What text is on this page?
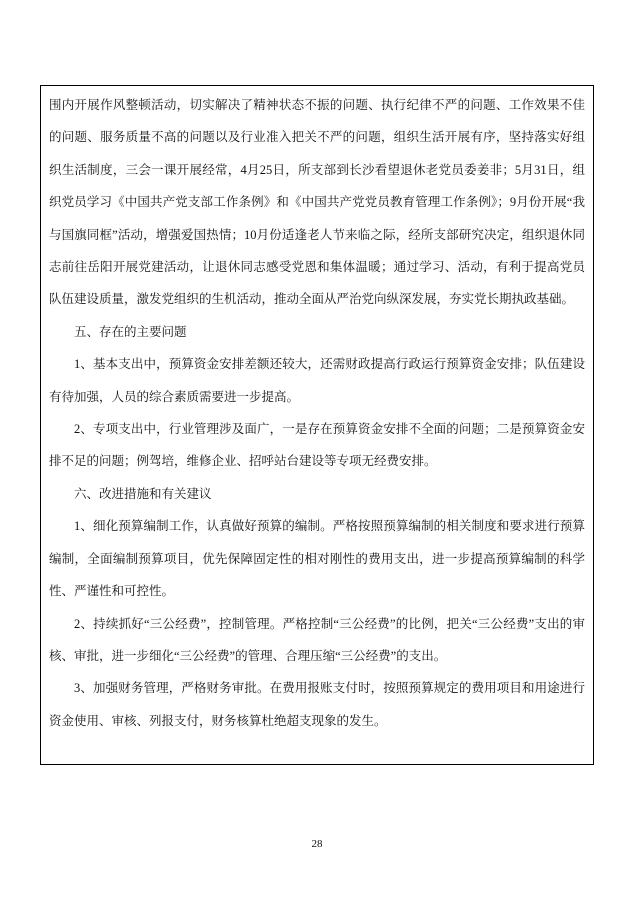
围内开展作风整顿活动，切实解决了精神状态不振的问题、执行纪律不严的问题、工作效果不佳的问题、服务质量不高的问题以及行业准入把关不严的问题，组织生活开展有序，坚持落实好组织生活制度，三会一课开展经常，4月25日，所支部到长沙看望退休老党员委姜非；5月31日，组织党员学习《中国共产党支部工作条例》和《中国共产党党员教育管理工作条例》；9月份开展“我与国旗同框”活动，增强爱国热情；10月份适逢老人节来临之际，经所支部研究决定，组织退休同志前往岳阳开展党建活动，让退休同志感受党恩和集体温暖；通过学习、活动，有利于提高党员队伍建设质量，激发党组织的生机活动，推动全面从严治党向纵深发展，夯实党长期执政基础。

五、存在的主要问题

1、基本支出中，预算资金安排差额还较大，还需财政提高行政运行预算资金安排；队伍建设有待加强，人员的综合素质需要进一步提高。

2、专项支出中，行业管理涉及面广，一是存在预算资金安排不全面的问题；二是预算资金安排不足的问题；例驾培，维修企业、招呼站台建设等专项无经费安排。

六、改进措施和有关建议

1、细化预算编制工作，认真做好预算的编制。严格按照预算编制的相关制度和要求进行预算编制，全面编制预算项目，优先保障固定性的相对刚性的费用支出，进一步提高预算编制的科学性、严谨性和可控性。

2、持续抓好“三公经费”，控制管理。严格控制“三公经费”的比例，把关“三公经费”支出的审核、审批，进一步细化“三公经费”的管理、合理压缩“三公经费”的支出。

3、加强财务管理，严格财务审批。在费用报账支付时，按照预算规定的费用项目和用途进行资金使用、审核、列报支付，财务核算杜绝超支现象的发生。

28
